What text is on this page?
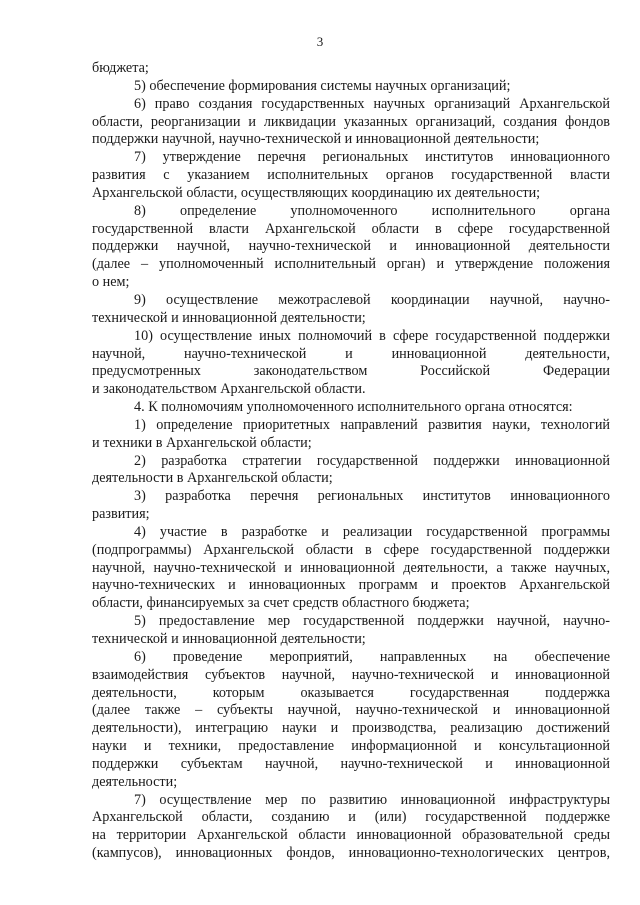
3
бюджета;
5) обеспечение формирования системы научных организаций;
6) право создания государственных научных организаций Архангельской
области, реорганизации и ликвидации указанных организаций, создания фондов
поддержки научной, научно-технической и инновационной деятельности;
7) утверждение перечня региональных институтов инновационного
развития с указанием исполнительных органов государственной власти
Архангельской области, осуществляющих координацию их деятельности;
8) определение уполномоченного исполнительного органа
государственной власти Архангельской области в сфере государственной
поддержки научной, научно-технической и инновационной деятельности
(далее – уполномоченный исполнительный орган) и утверждение положения
о нем;
9) осуществление межотраслевой координации научной, научно-
технической и инновационной деятельности;
10) осуществление иных полномочий в сфере государственной поддержки
научной, научно-технической и инновационной деятельности,
предусмотренных законодательством Российской Федерации
и законодательством Архангельской области.
4. К полномочиям уполномоченного исполнительного органа относятся:
1) определение приоритетных направлений развития науки, технологий
и техники в Архангельской области;
2) разработка стратегии государственной поддержки инновационной
деятельности в Архангельской области;
3) разработка перечня региональных институтов инновационного
развития;
4) участие в разработке и реализации государственной программы
(подпрограммы) Архангельской области в сфере государственной поддержки
научной, научно-технической и инновационной деятельности, а также научных,
научно-технических и инновационных программ и проектов Архангельской
области, финансируемых за счет средств областного бюджета;
5) предоставление мер государственной поддержки научной, научно-
технической и инновационной деятельности;
6) проведение мероприятий, направленных на обеспечение
взаимодействия субъектов научной, научно-технической и инновационной
деятельности, которым оказывается государственная поддержка
(далее также – субъекты научной, научно-технической и инновационной
деятельности), интеграцию науки и производства, реализацию достижений
науки и техники, предоставление информационной и консультационной
поддержки субъектам научной, научно-технической и инновационной
деятельности;
7) осуществление мер по развитию инновационной инфраструктуры
Архангельской области, созданию и (или) государственной поддержке
на территории Архангельской области инновационной образовательной среды
(кампусов), инновационных фондов, инновационно-технологических центров,
